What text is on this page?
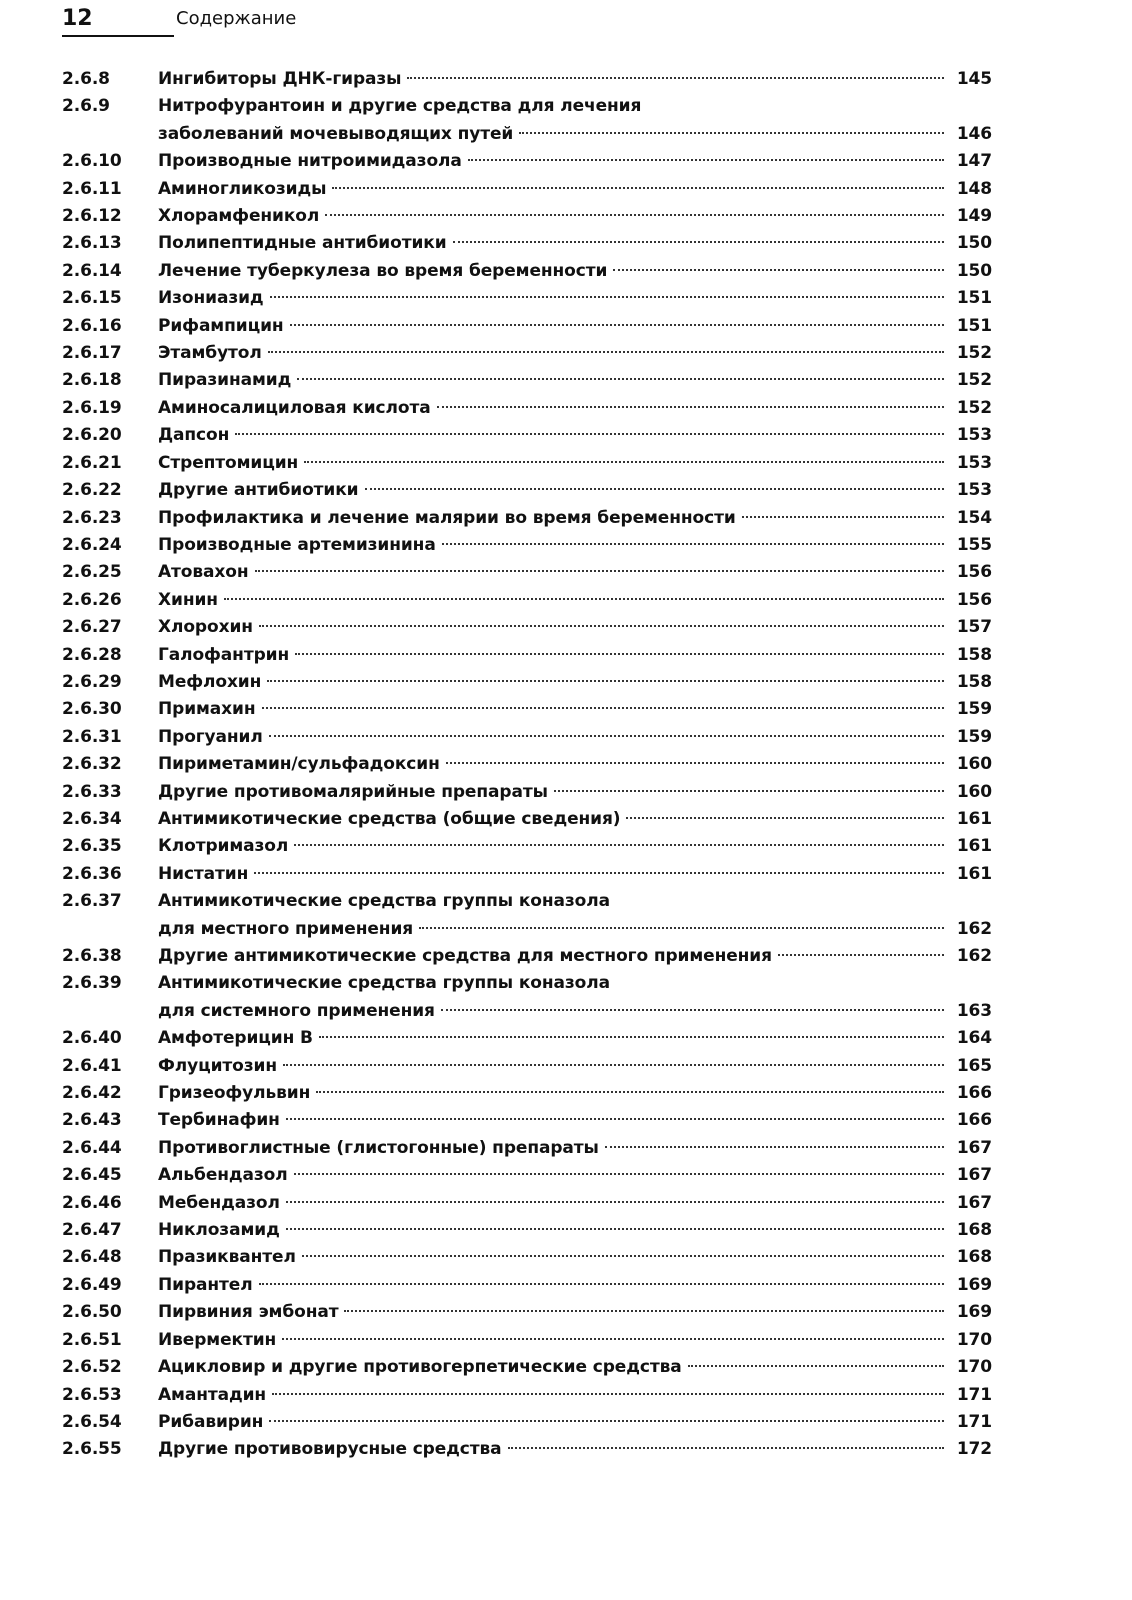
12	Содержание
2.6.8	Ингибиторы ДНК-гиразы	145
2.6.9	Нитрофурантоин и другие средства для лечения
заболеваний мочевыводящих путей	146
2.6.10	Производные нитроимидазола	147
2.6.11	Аминогликозиды	148
2.6.12	Хлорамфеникол	149
2.6.13	Полипептидные антибиотики	150
2.6.14	Лечение туберкулеза во время беременности	150
2.6.15	Изониазид	151
2.6.16	Рифампицин	151
2.6.17	Этамбутол	152
2.6.18	Пиразинамид	152
2.6.19	Аминосалициловая кислота	152
2.6.20	Дапсон	153
2.6.21	Стрептомицин	153
2.6.22	Другие антибиотики	153
2.6.23	Профилактика и лечение малярии во время беременности	154
2.6.24	Производные артемизинина	155
2.6.25	Атовахон	156
2.6.26	Хинин	156
2.6.27	Хлорохин	157
2.6.28	Галофантрин	158
2.6.29	Мефлохин	158
2.6.30	Примахин	159
2.6.31	Прогуанил	159
2.6.32	Пириметамин/сульфадоксин	160
2.6.33	Другие противомалярийные препараты	160
2.6.34	Антимикотические средства (общие сведения)	161
2.6.35	Клотримазол	161
2.6.36	Нистатин	161
2.6.37	Антимикотические средства группы коназола
для местного применения	162
2.6.38	Другие антимикотические средства для местного применения	162
2.6.39	Антимикотические средства группы коназола
для системного применения	163
2.6.40	Амфотерицин В	164
2.6.41	Флуцитозин	165
2.6.42	Гризеофульвин	166
2.6.43	Тербинафин	166
2.6.44	Противоглистные (глистогонные) препараты	167
2.6.45	Альбендазол	167
2.6.46	Мебендазол	167
2.6.47	Никлозамид	168
2.6.48	Празиквантел	168
2.6.49	Пирантел	169
2.6.50	Пирвиния эмбонат	169
2.6.51	Ивермектин	170
2.6.52	Ацикловир и другие противогерпетические средства	170
2.6.53	Амантадин	171
2.6.54	Рибавирин	171
2.6.55	Другие противовирусные средства	172
